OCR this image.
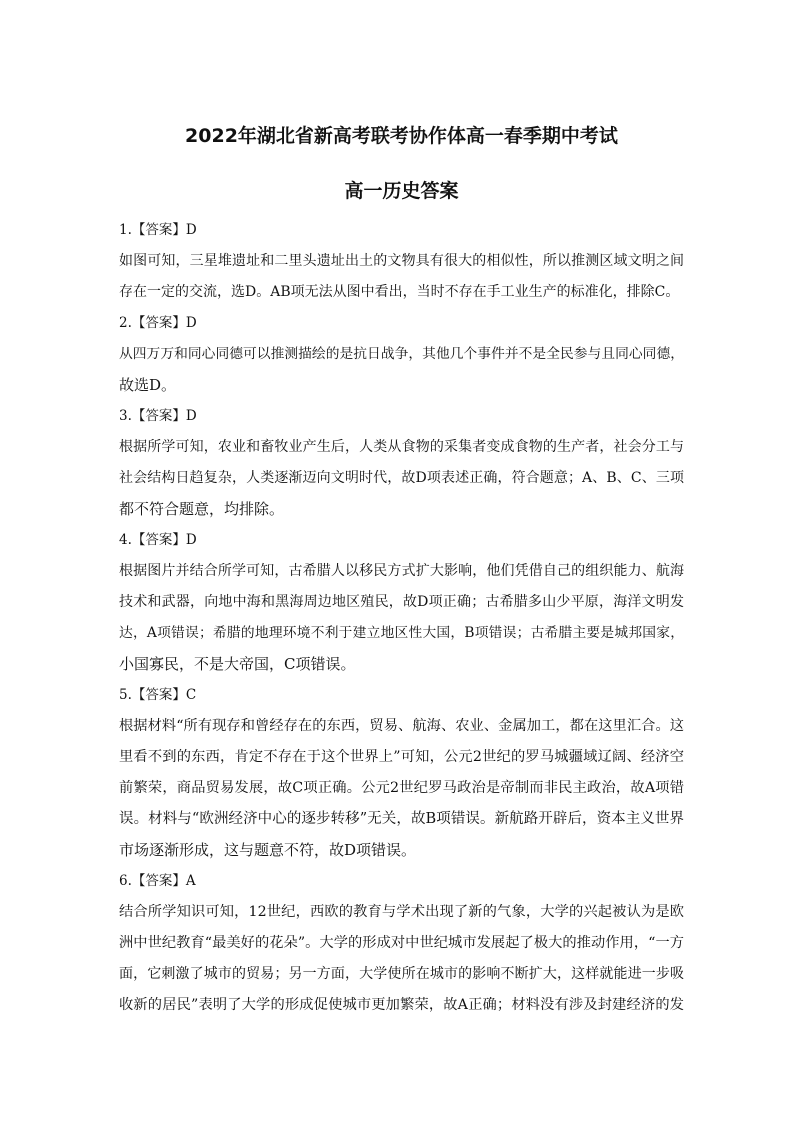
2022年湖北省新高考联考协作体高一春季期中考试
高一历史答案

1.【答案】D

如图可知，三星堆遗址和二里头遗址出土的文物具有很大的相似性，所以推测区域文明之间
存在一定的交流，选D。AB项无法从图中看出，当时不存在手工业生产的标准化，排除C。

2.【答案】D

从四万万和同心同德可以推测描绘的是抗日战争，其他几个事件并不是全民参与且同心同德，
故选D。

3.【答案】D

根据所学可知，农业和畜牧业产生后，人类从食物的采集者变成食物的生产者，社会分工与
社会结构日趋复杂，人类逐渐迈向文明时代，故D项表述正确，符合题意；A、B、C、三项
都不符合题意，均排除。

4.【答案】D

根据图片并结合所学可知，古希腊人以移民方式扩大影响，他们凭借自己的组织能力、航海
技术和武器，向地中海和黑海周边地区殖民，故D项正确；古希腊多山少平原，海洋文明发
达，A项错误；希腊的地理环境不利于建立地区性大国，B项错误；古希腊主要是城邦国家，
小国寡民，不是大帝国，C项错误。

5.【答案】C

根据材料“所有现存和曾经存在的东西，贸易、航海、农业、金属加工，都在这里汇合。这
里看不到的东西，肯定不存在于这个世界上”可知，公元2世纪的罗马城疆域辽阔、经济空
前繁荣，商品贸易发展，故C项正确。公元2世纪罗马政治是帝制而非民主政治，故A项错
误。材料与“欧洲经济中心的逐步转移”无关，故B项错误。新航路开辟后，资本主义世界
市场逐渐形成，这与题意不符，故D项错误。

6.【答案】A

结合所学知识可知，12世纪，西欧的教育与学术出现了新的气象，大学的兴起被认为是欧
洲中世纪教育“最美好的花朵”。大学的形成对中世纪城市发展起了极大的推动作用，“一方
面，它刺激了城市的贸易；另一方面，大学使所在城市的影响不断扩大，这样就能进一步吸
收新的居民”表明了大学的形成促使城市更加繁荣，故A正确；材料没有涉及封建经济的发
